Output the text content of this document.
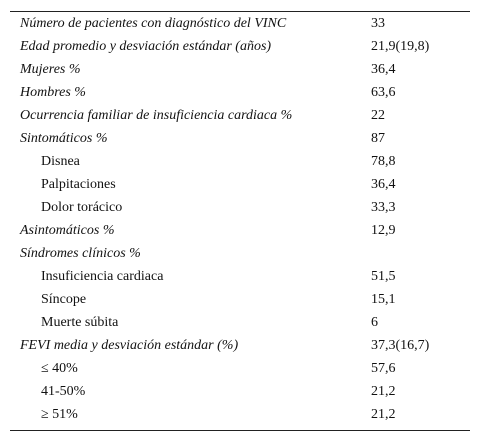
Número de pacientes con diagnóstico del VINC	33
Edad promedio y desviación estándar (años)	21,9(19,8)
Mujeres %	36,4
Hombres %	63,6
Ocurrencia familiar de insuficiencia cardiaca %	22
Sintomáticos %	87
Disnea	78,8
Palpitaciones	36,4
Dolor torácico	33,3
Asintomáticos %	12,9
Síndromes clínicos %
Insuficiencia cardiaca	51,5
Síncope	15,1
Muerte súbita	6
FEVI media y desviación estándar (%)	37,3(16,7)
≤ 40%	57,6
41-50%	21,2
≥ 51%	21,2
